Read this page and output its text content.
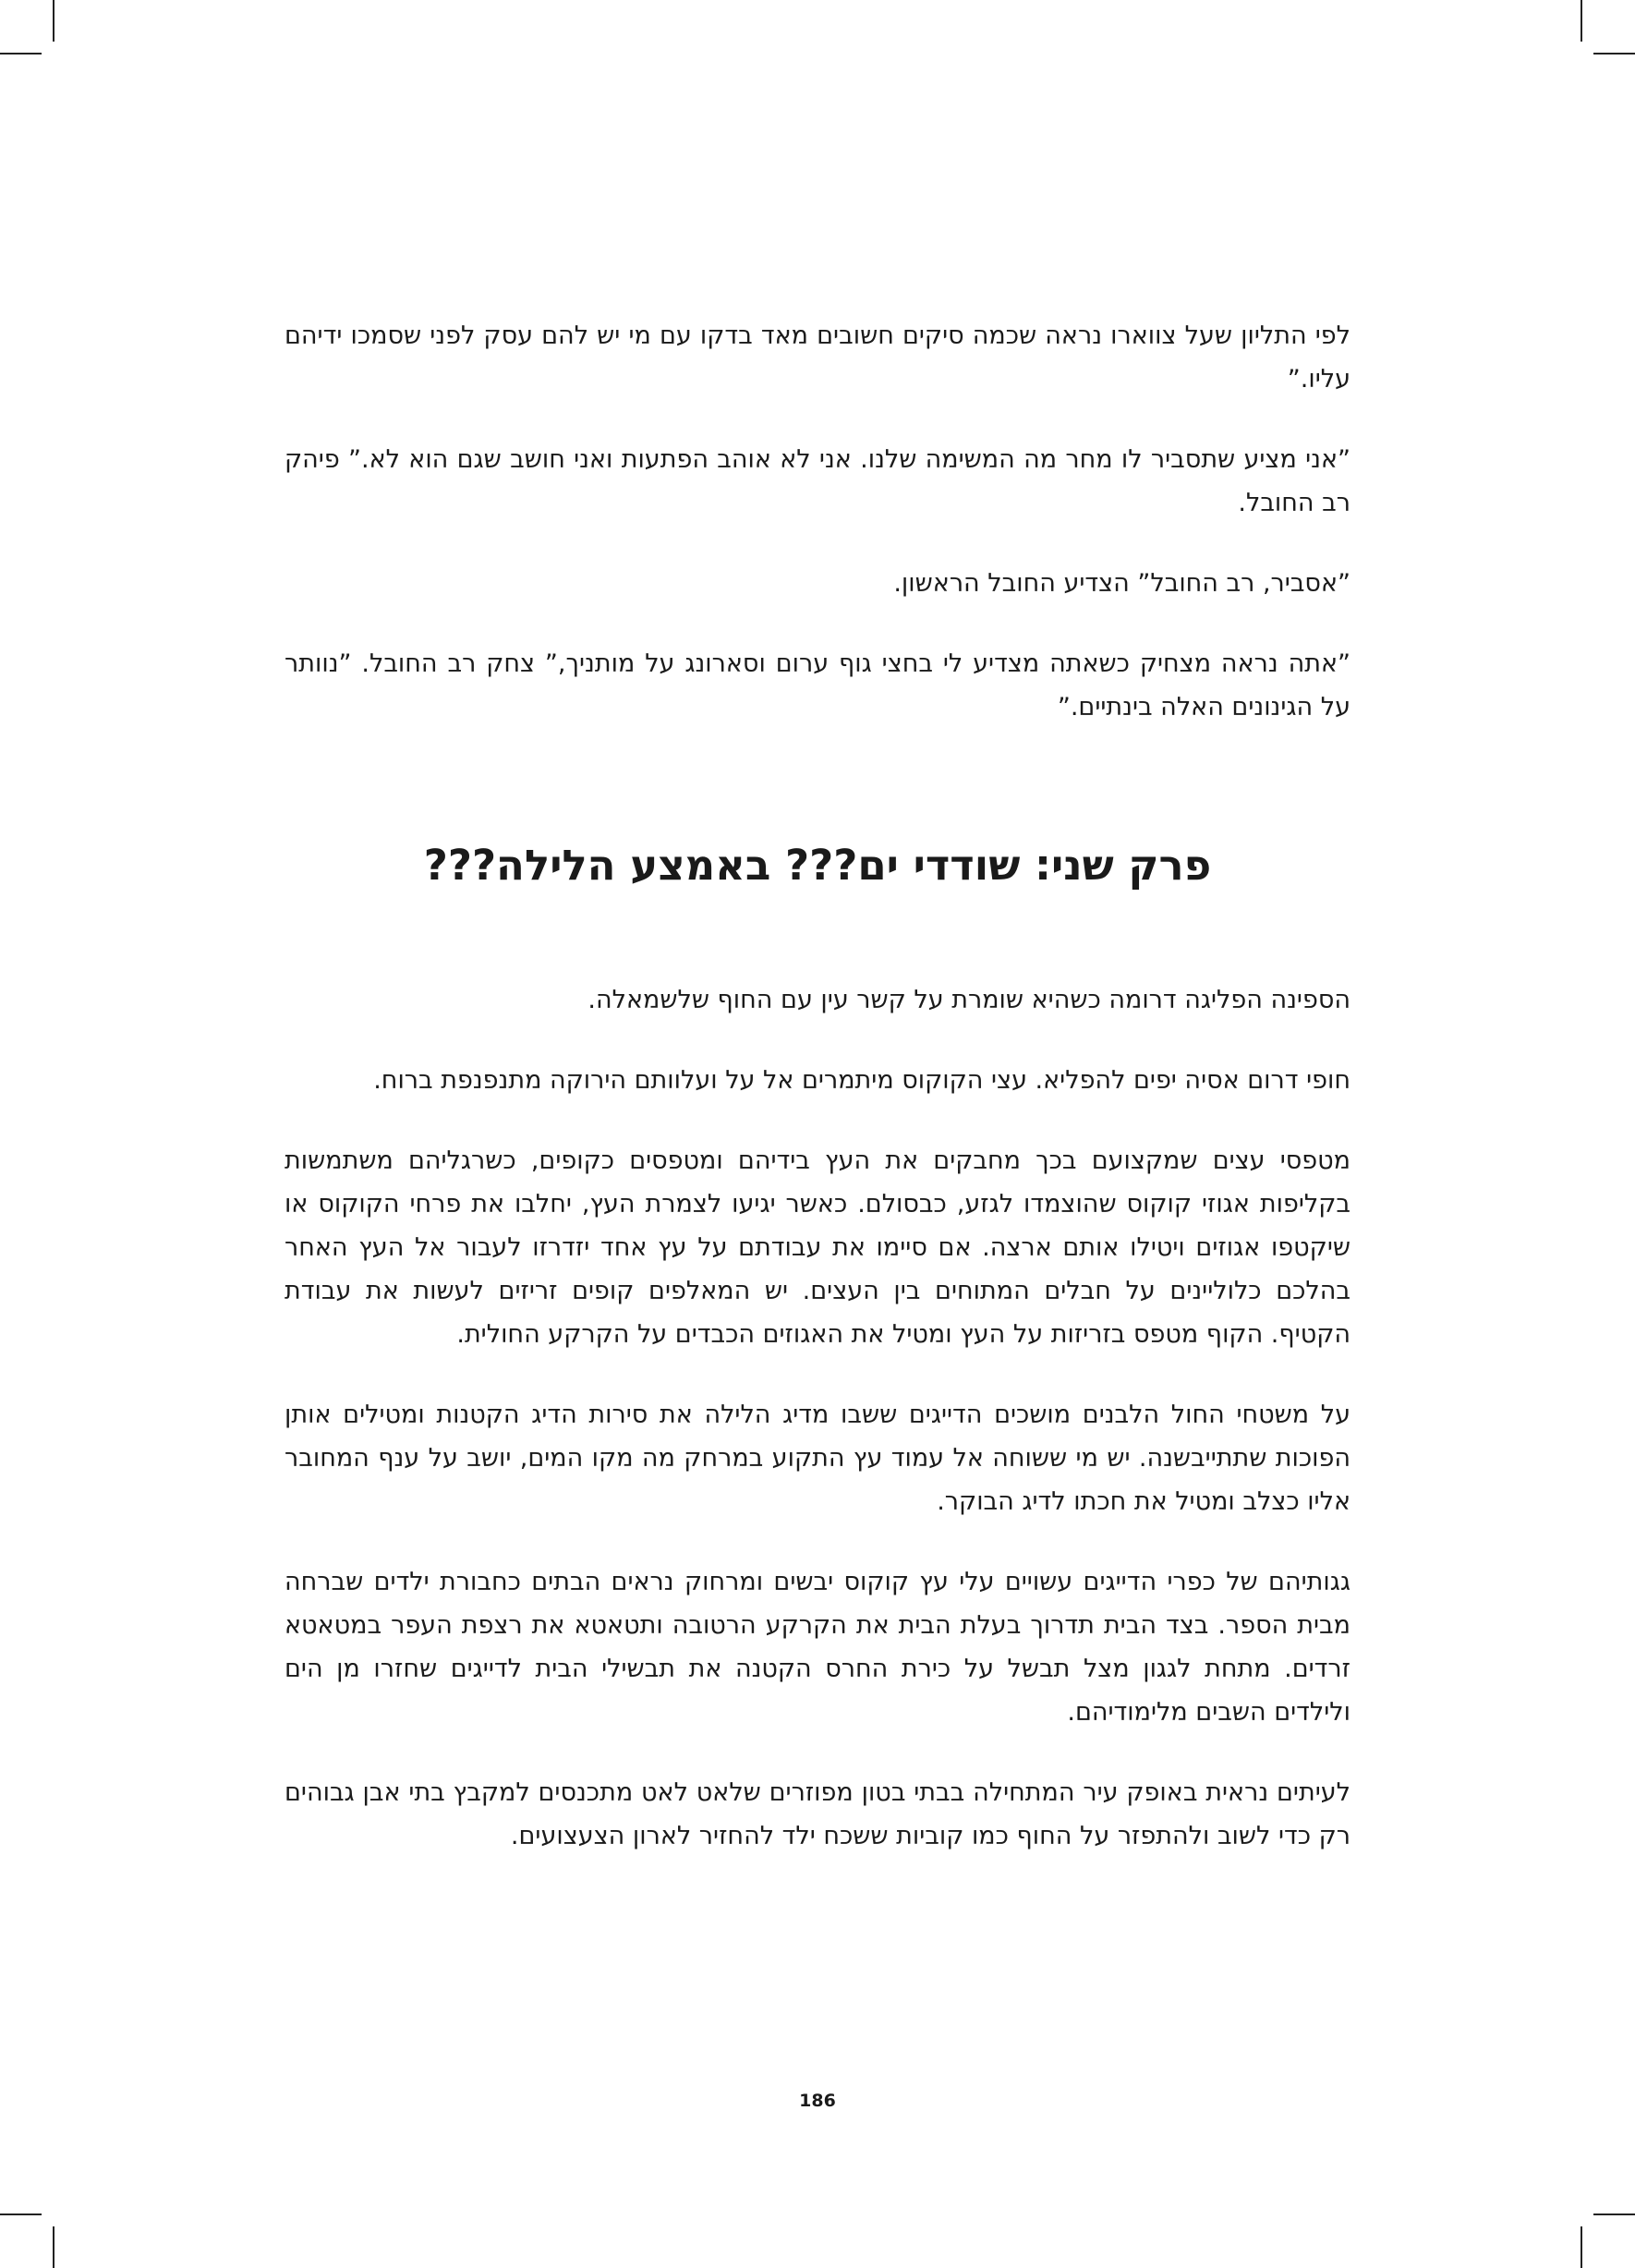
לפי התליון שעל צווארו נראה שכמה סיקים חשובים מאד בדקו עם מי יש להם עסק לפני שסמכו ידיהם עליו.”

”אני מציע שתסביר לו מחר מה המשימה שלנו. אני לא אוהב הפתעות ואני חושב שגם הוא לא.” פיהק רב החובל.

”אסביר, רב החובל” הצדיע החובל הראשון.

”אתה נראה מצחיק כשאתה מצדיע לי בחצי גוף ערום וסארונג על מותניך,” צחק רב החובל. ”נוותר על הגינונים האלה בינתיים.”

פרק שני: שודדי ים??? באמצע הלילה???

הספינה הפליגה דרומה כשהיא שומרת על קשר עין עם החוף שלשמאלה.

חופי דרום אסיה יפים להפליא. עצי הקוקוס מיתמרים אל על ועלוותם הירוקה מתנפנפת ברוח.

מטפסי עצים שמקצועם בכך מחבקים את העץ בידיהם ומטפסים כקופים, כשרגליהם משתמשות בקליפות אגוזי קוקוס שהוצמדו לגזע, כבסולם. כאשר יגיעו לצמרת העץ, יחלבו את פרחי הקוקוס או שיקטפו אגוזים ויטילו אותם ארצה. אם סיימו את עבודתם על עץ אחד יזדרזו לעבור אל העץ האחר בהלכם כלוליינים על חבלים המתוחים בין העצים. יש המאלפים קופים זריזים לעשות את עבודת הקטיף. הקוף מטפס בזריזות על העץ ומטיל את האגוזים הכבדים על הקרקע החולית.

על משטחי החול הלבנים מושכים הדייגים ששבו מדיג הלילה את סירות הדיג הקטנות ומטילים אותן הפוכות שתתייבשנה. יש מי ששוחה אל עמוד עץ התקוע במרחק מה מקו המים, יושב על ענף המחובר אליו כצלב ומטיל את חכתו לדיג הבוקר.

גגותיהם של כפרי הדייגים עשויים עלי עץ קוקוס יבשים ומרחוק נראים הבתים כחבורת ילדים שברחה מבית הספר. בצד הבית תדרוך בעלת הבית את הקרקע הרטובה ותטאטא את רצפת העפר במטאטא זרדים. מתחת לגגון מצל תבשל על כירת החרס הקטנה את תבשילי הבית לדייגים שחזרו מן הים ולילדים השבים מלימודיהם.

לעיתים נראית באופק עיר המתחילה בבתי בטון מפוזרים שלאט לאט מתכנסים למקבץ בתי אבן גבוהים רק כדי לשוב ולהתפזר על החוף כמו קוביות ששכח ילד להחזיר לארון הצעצועים.

186
